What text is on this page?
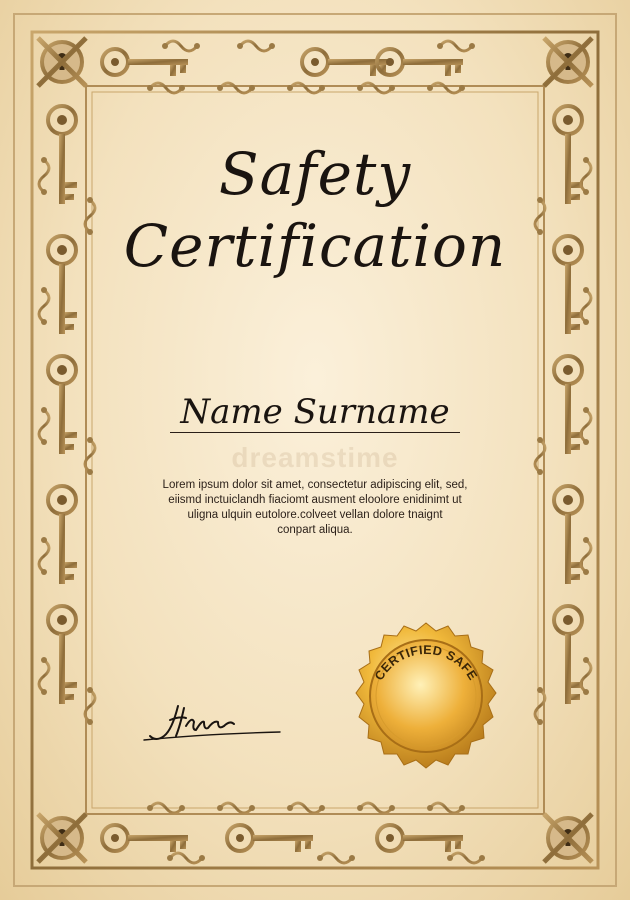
Safety
Certification
Name Surname
dreamstime
Lorem ipsum dolor sit amet, consectetur adipiscing elit, sed,
eiismd inctuiclandh fiaciomt ausment eloolore enidinimt ut
uligna ulquin eutolore.colveet vellan dolore tnaignt
conpart aliqua.
CERTIFIED SAFE
